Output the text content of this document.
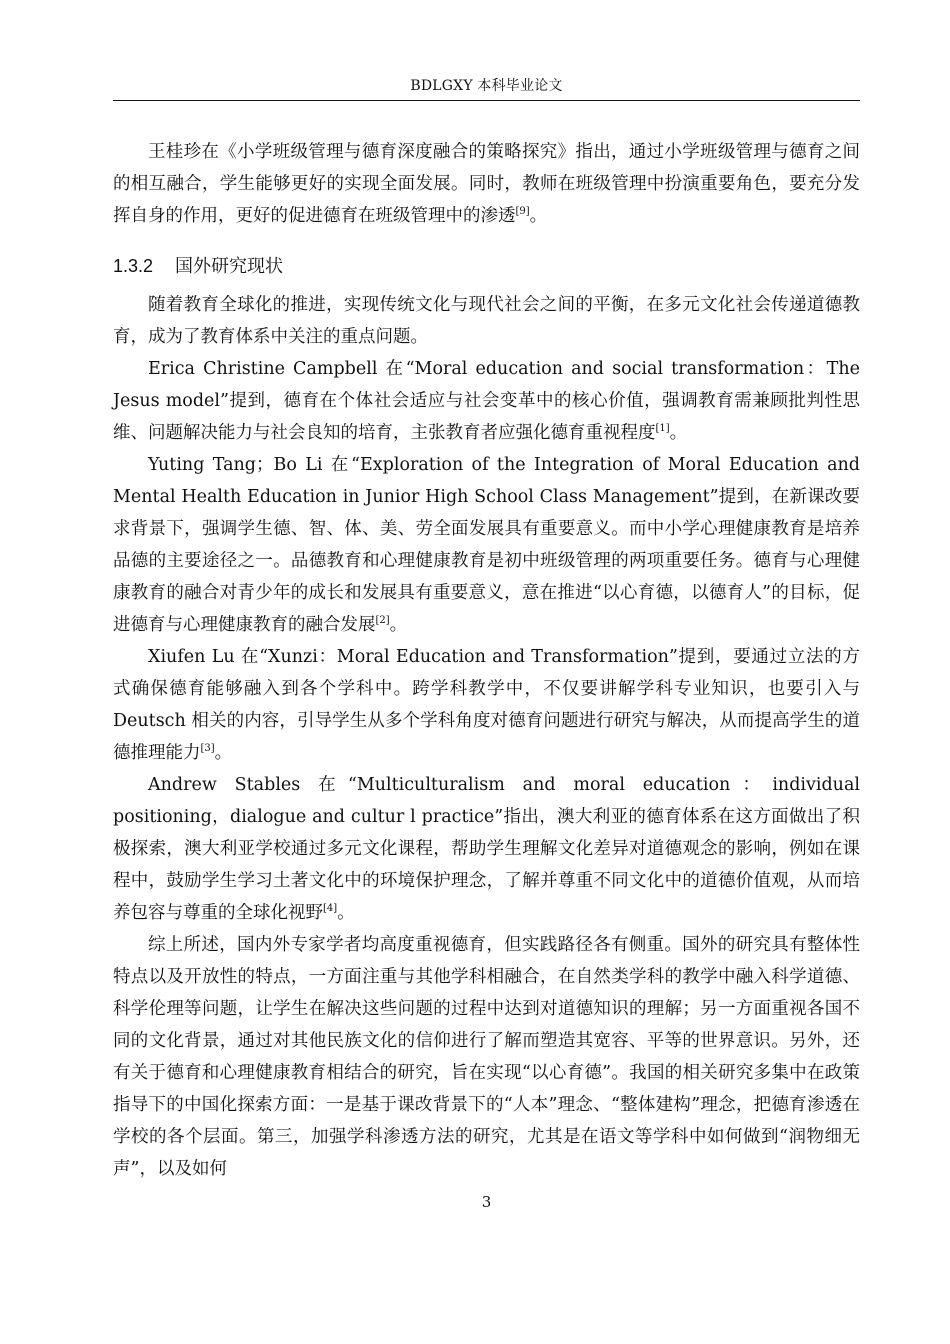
BDLGXY 本科毕业论文

王桂珍在《小学班级管理与德育深度融合的策略探究》指出，通过小学班级管理与德育之间的相互融合，学生能够更好的实现全面发展。同时，教师在班级管理中扮演重要角色，要充分发挥自身的作用，更好的促进德育在班级管理中的渗透[9]。

1.3.2 国外研究现状

随着教育全球化的推进，实现传统文化与现代社会之间的平衡，在多元文化社会传递道德教育，成为了教育体系中关注的重点问题。

Erica Christine Campbell 在“Moral education and social transformation：The Jesus model”提到，德育在个体社会适应与社会变革中的核心价值，强调教育需兼顾批判性思维、问题解决能力与社会良知的培育，主张教育者应强化德育重视程度[1]。

Yuting Tang；Bo Li 在“Exploration of the Integration of Moral Education and Mental Health Education in Junior High School Class Management”提到，在新课改要求背景下，强调学生德、智、体、美、劳全面发展具有重要意义。而中小学心理健康教育是培养品德的主要途径之一。品德教育和心理健康教育是初中班级管理的两项重要任务。德育与心理健康教育的融合对青少年的成长和发展具有重要意义，意在推进“以心育德，以德育人”的目标，促进德育与心理健康教育的融合发展[2]。

Xiufen Lu 在“Xunzi：Moral Education and Transformation”提到，要通过立法的方式确保德育能够融入到各个学科中。跨学科教学中，不仅要讲解学科专业知识，也要引入与 Deutsch 相关的内容，引导学生从多个学科角度对德育问题进行研究与解决，从而提高学生的道德推理能力[3]。

Andrew Stables 在“Multiculturalism and moral education：individual positioning，dialogue and cultur l practice”指出，澳大利亚的德育体系在这方面做出了积极探索，澳大利亚学校通过多元文化课程，帮助学生理解文化差异对道德观念的影响，例如在课程中，鼓励学生学习土著文化中的环境保护理念，了解并尊重不同文化中的道德价值观，从而培养包容与尊重的全球化视野[4]。

综上所述，国内外专家学者均高度重视德育，但实践路径各有侧重。国外的研究具有整体性特点以及开放性的特点，一方面注重与其他学科相融合，在自然类学科的教学中融入科学道德、科学伦理等问题，让学生在解决这些问题的过程中达到对道德知识的理解；另一方面重视各国不同的文化背景，通过对其他民族文化的信仰进行了解而塑造其宽容、平等的世界意识。另外，还有关于德育和心理健康教育相结合的研究，旨在实现“以心育德”。我国的相关研究多集中在政策指导下的中国化探索方面：一是基于课改背景下的“人本”理念、“整体建构”理念，把德育渗透在学校的各个层面。第三，加强学科渗透方法的研究，尤其是在语文等学科中如何做到“润物细无声”，以及如何

3
